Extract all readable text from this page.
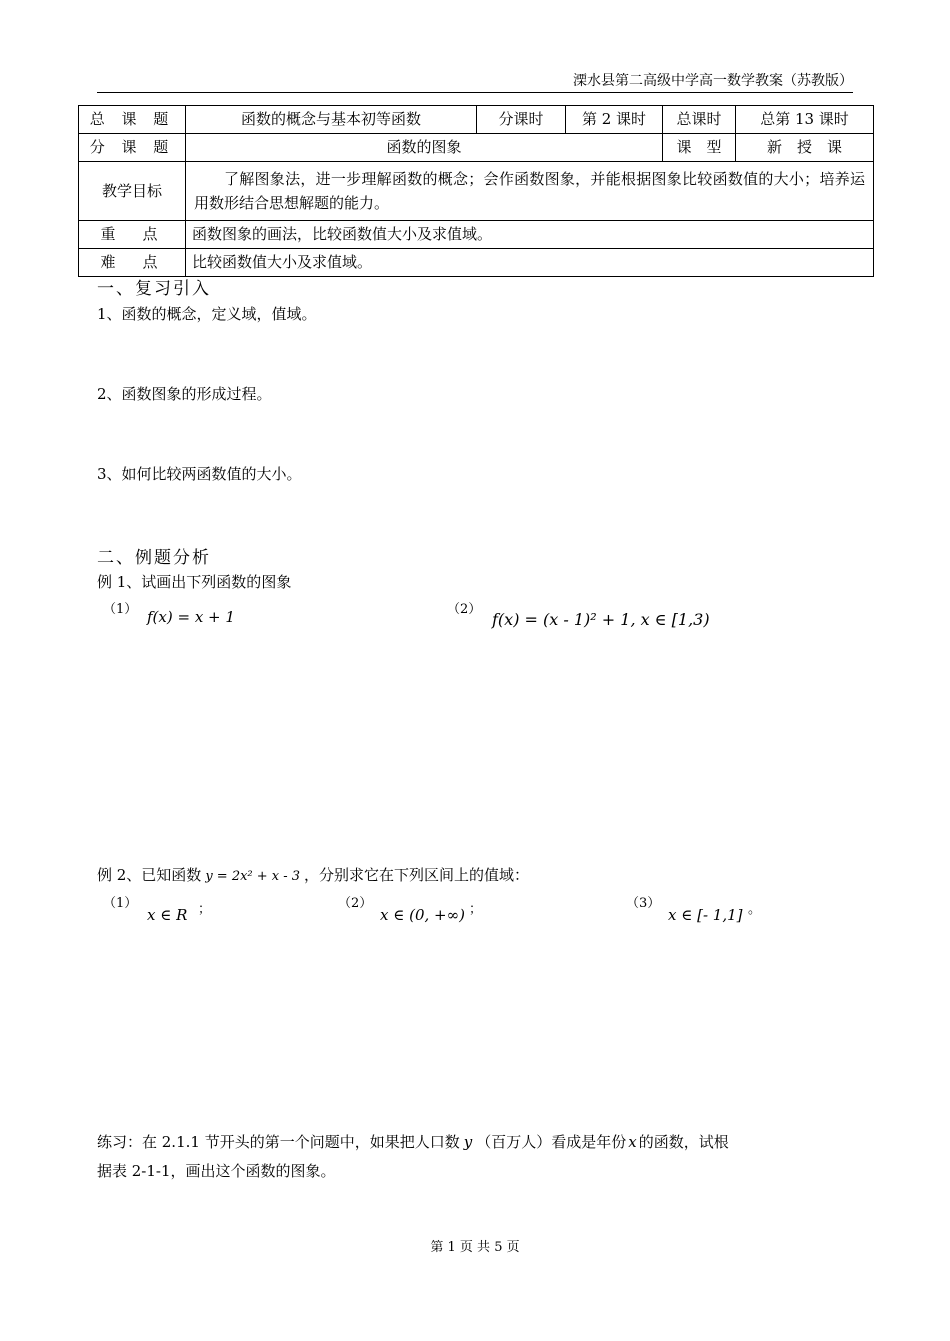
溧水县第二高级中学高一数学教案（苏教版）
总 课 题	函数的概念与基本初等函数	分课时	第 2 课时	总课时	总第 13 课时
分 课 题	函数的图象			课　型	新　授　课
教学目标	了解图象法，进一步理解函数的概念；会作函数图象，并能根据图象比较函数值的大小；培养运用数形结合思想解题的能力。				
重　点	函数图象的画法，比较函数值大小及求值域。				
难　点	比较函数值大小及求值域。				
一、复习引入
1、函数的概念，定义域，值域。
2、函数图象的形成过程。
3、如何比较两函数值的大小。
二、例题分析
例 1、试画出下列函数的图象
（1） f(x) = x + 1	（2）
f(x) = (x - 1)² + 1, x ∈ [1,3)
例 2、已知函数 y = 2x² + x - 3 ，分别求它在下列区间上的值域：
（1）
x ∈ R ；	（2）
x ∈ (0, +∞) ；	（3）
x ∈ [- 1,1] 。
练习：在 2.1.1 节开头的第一个问题中，如果把人口数 y （百万人）看成是年份 x 的函数，试根
据表 2-1-1，画出这个函数的图象。
第 1 页 共 5 页
